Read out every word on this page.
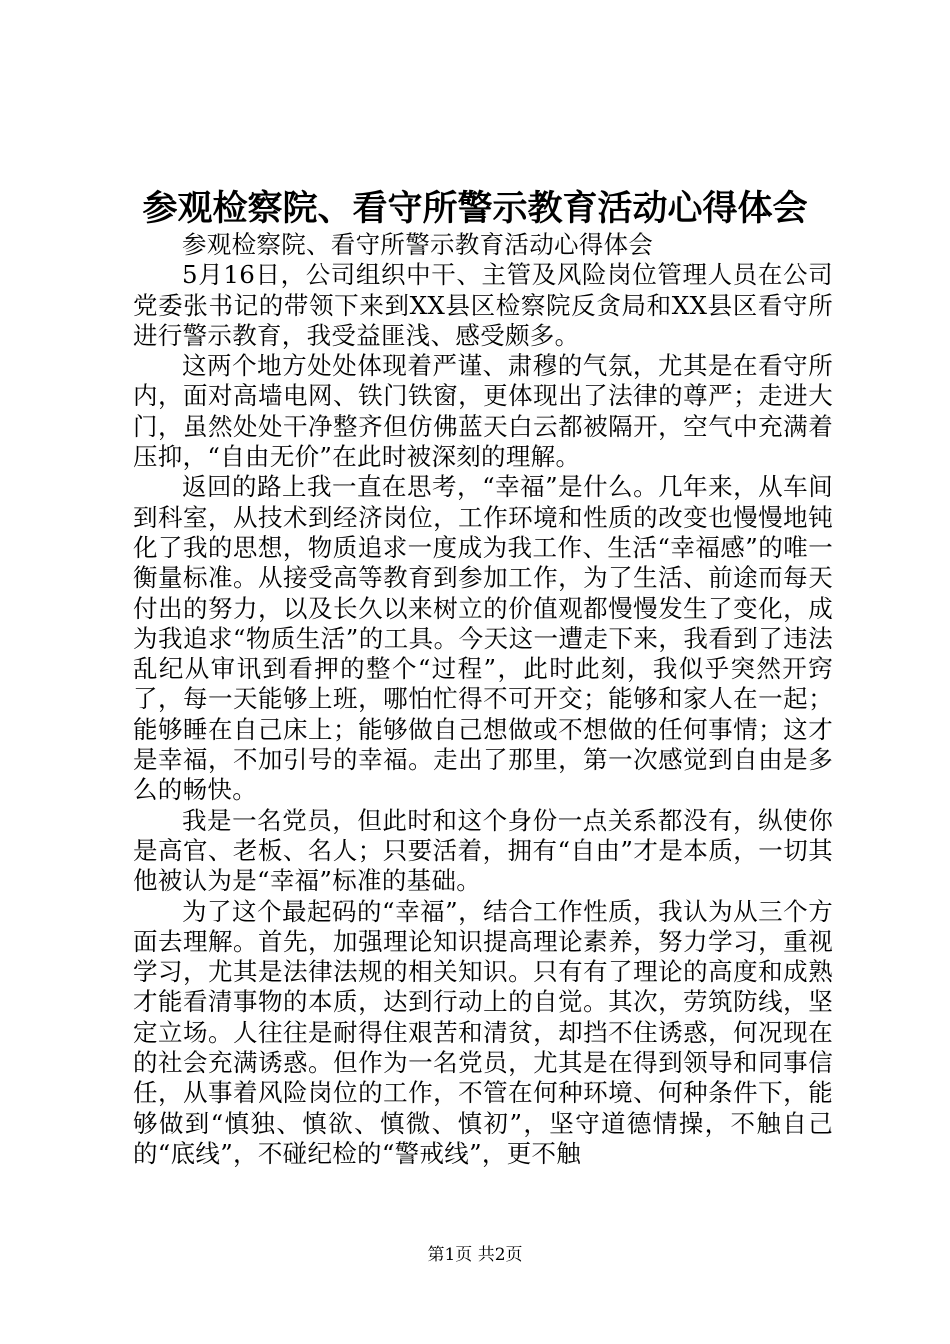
参观检察院、看守所警示教育活动心得体会

参观检察院、看守所警示教育活动心得体会

5月16日，公司组织中干、主管及风险岗位管理人员在公司党委张书记的带领下来到XX县区检察院反贪局和XX县区看守所进行警示教育，我受益匪浅、感受颇多。

这两个地方处处体现着严谨、肃穆的气氛，尤其是在看守所内，面对高墙电网、铁门铁窗，更体现出了法律的尊严；走进大门，虽然处处干净整齐但仿佛蓝天白云都被隔开，空气中充满着压抑，“自由无价”在此时被深刻的理解。

返回的路上我一直在思考，“幸福”是什么。几年来，从车间到科室，从技术到经济岗位，工作环境和性质的改变也慢慢地钝化了我的思想，物质追求一度成为我工作、生活“幸福感”的唯一衡量标准。从接受高等教育到参加工作，为了生活、前途而每天付出的努力，以及长久以来树立的价值观都慢慢发生了变化，成为我追求“物质生活”的工具。今天这一遭走下来，我看到了违法乱纪从审讯到看押的整个“过程”，此时此刻，我似乎突然开窍了，每一天能够上班，哪怕忙得不可开交；能够和家人在一起；能够睡在自己床上；能够做自己想做或不想做的任何事情；这才是幸福，不加引号的幸福。走出了那里，第一次感觉到自由是多么的畅快。

我是一名党员，但此时和这个身份一点关系都没有，纵使你是高官、老板、名人；只要活着，拥有“自由”才是本质，一切其他被认为是“幸福”标准的基础。

为了这个最起码的“幸福”，结合工作性质，我认为从三个方面去理解。首先，加强理论知识提高理论素养，努力学习，重视学习，尤其是法律法规的相关知识。只有有了理论的高度和成熟才能看清事物的本质，达到行动上的自觉。其次，劳筑防线，坚定立场。人往往是耐得住艰苦和清贫，却挡不住诱惑，何况现在的社会充满诱惑。但作为一名党员，尤其是在得到领导和同事信任，从事着风险岗位的工作，不管在何种环境、何种条件下，能够做到“慎独、慎欲、慎微、慎初”，坚守道德情操，不触自己的“底线”，不碰纪检的“警戒线”，更不触

第1页 共2页
